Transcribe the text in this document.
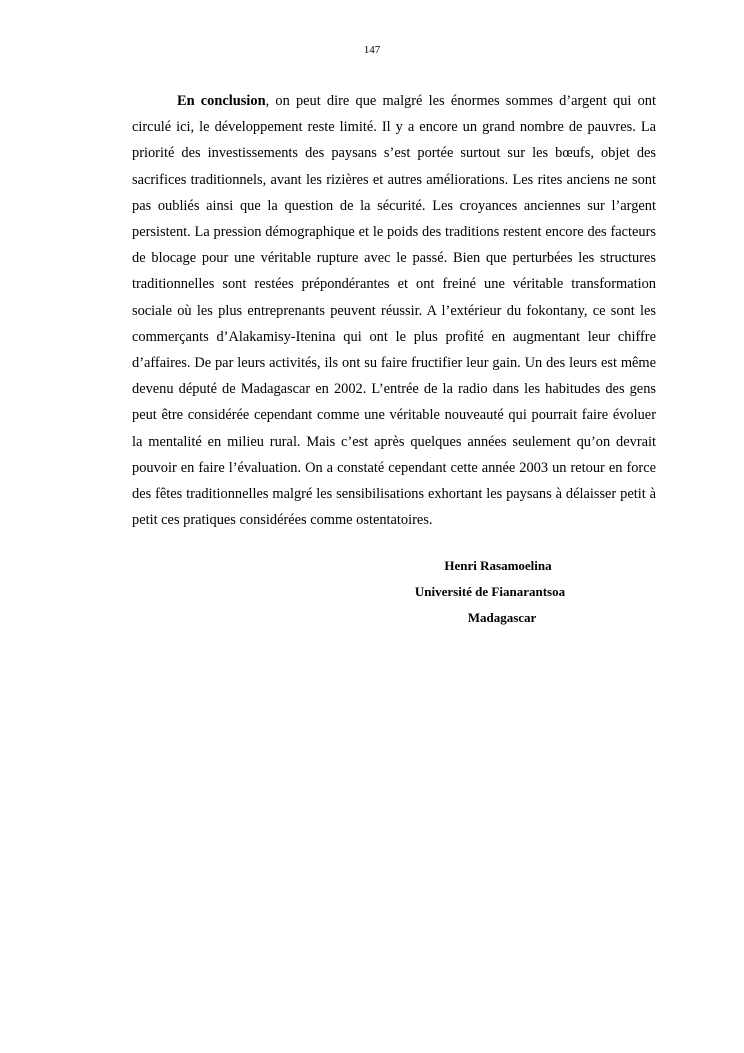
147

En conclusion, on peut dire que malgré les énormes sommes d’argent qui ont circulé ici, le développement reste limité. Il y a encore un grand nombre de pauvres. La priorité des investissements des paysans s’est portée surtout sur les bœufs, objet des sacrifices traditionnels, avant les rizières et autres améliorations. Les rites anciens ne sont pas oubliés ainsi que la question de la sécurité. Les croyances anciennes sur l’argent persistent. La pression démographique et le poids des traditions restent encore des facteurs de blocage pour une véritable rupture avec le passé. Bien que perturbées les structures traditionnelles sont restées prépondérantes et ont freiné une véritable transformation sociale où les plus entreprenants peuvent réussir. A l’extérieur du fokontany, ce sont les commerçants d’Alakamisy-Itenina qui ont le plus profité en augmentant leur chiffre d’affaires. De par leurs activités, ils ont su faire fructifier leur gain. Un des leurs est même devenu député de Madagascar en 2002. L’entrée de la radio dans les habitudes des gens peut être considérée cependant comme une véritable nouveauté qui pourrait faire évoluer la mentalité en milieu rural. Mais c’est après quelques années seulement qu’on devrait pouvoir en faire l’évaluation. On a constaté cependant cette année 2003 un retour en force des fêtes traditionnelles malgré les sensibilisations exhortant les paysans à délaisser petit à petit ces pratiques considérées comme ostentatoires.

Henri Rasamoelina
Université de Fianarantsoa
Madagascar
